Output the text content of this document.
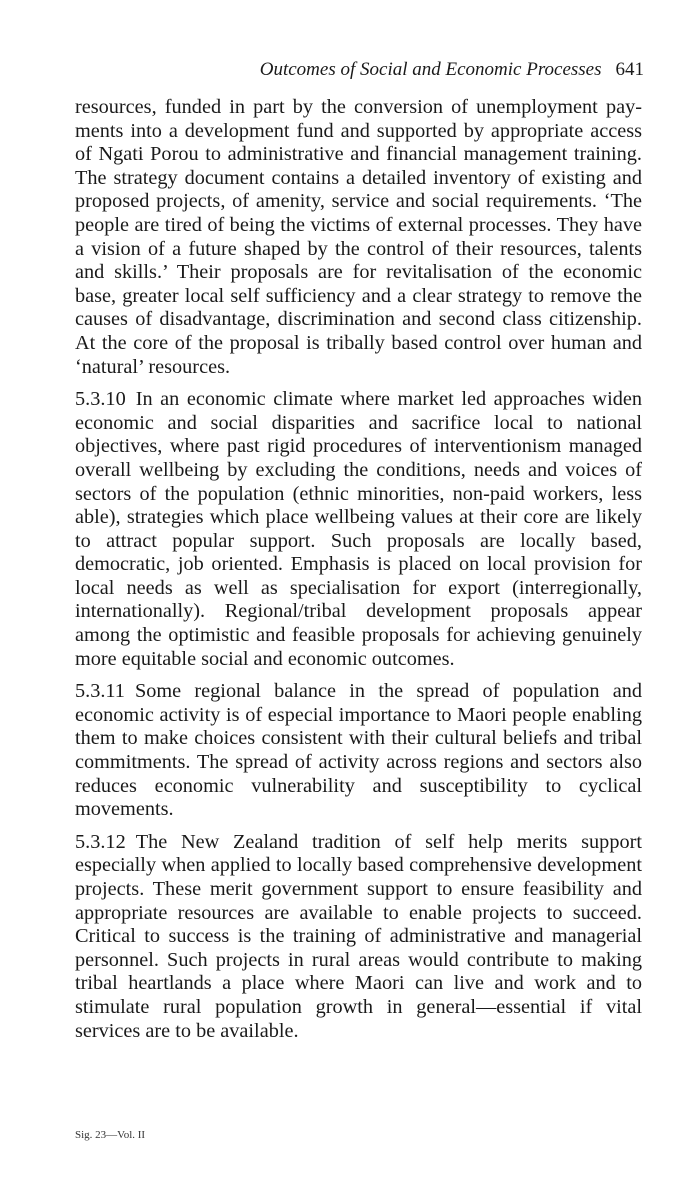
Outcomes of Social and Economic Processes 641

resources, funded in part by the conversion of unemployment payments into a development fund and supported by appropriate access of Ngati Porou to administrative and financial management training. The strategy document contains a detailed inventory of existing and proposed projects, of amenity, service and social requirements. ‘The people are tired of being the victims of external processes. They have a vision of a future shaped by the control of their resources, talents and skills.’ Their proposals are for revitalisation of the economic base, greater local self sufficiency and a clear strategy to remove the causes of disadvantage, discrimination and second class citizenship. At the core of the proposal is tribally based control over human and ‘natural’ resources.

5.3.10 In an economic climate where market led approaches widen economic and social disparities and sacrifice local to national objectives, where past rigid procedures of interventionism managed overall wellbeing by excluding the conditions, needs and voices of sectors of the population (ethnic minorities, non-paid workers, less able), strategies which place wellbeing values at their core are likely to attract popular support. Such proposals are locally based, democratic, job oriented. Emphasis is placed on local provision for local needs as well as specialisation for export (interregionally, internationally). Regional/tribal development proposals appear among the optimistic and feasible proposals for achieving genuinely more equitable social and economic outcomes.

5.3.11 Some regional balance in the spread of population and economic activity is of especial importance to Maori people enabling them to make choices consistent with their cultural beliefs and tribal commitments. The spread of activity across regions and sectors also reduces economic vulnerability and susceptibility to cyclical movements.

5.3.12 The New Zealand tradition of self help merits support especially when applied to locally based comprehensive development projects. These merit government support to ensure feasibility and appropriate resources are available to enable projects to succeed. Critical to success is the training of administrative and managerial personnel. Such projects in rural areas would contribute to making tribal heartlands a place where Maori can live and work and to stimulate rural population growth in general—essential if vital services are to be available.

Sig. 23—Vol. II
